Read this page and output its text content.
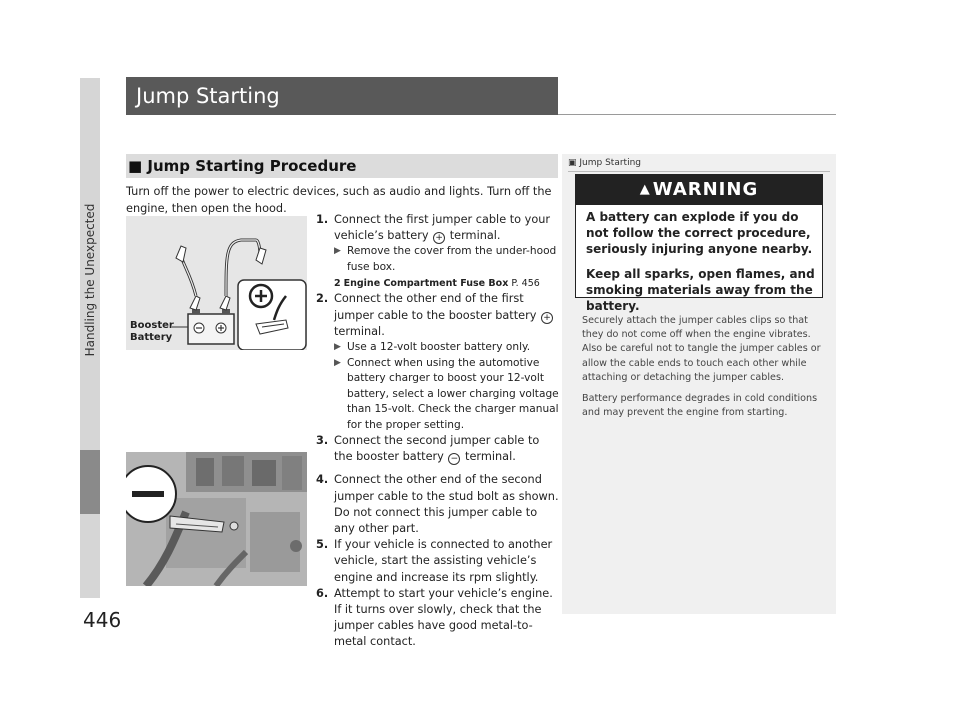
Handling the Unexpected
446
Jump Starting
■ Jump Starting Procedure
Turn off the power to electric devices, such as audio and lights. Turn off the engine, then open the hood.
Booster
Battery
1. Connect the first jumper cable to your vehicle’s battery + terminal.
▶ Remove the cover from the under-hood fuse box.
2 Engine Compartment Fuse Box P. 456
2. Connect the other end of the first jumper cable to the booster battery + terminal.
▶ Use a 12-volt booster battery only.
▶ Connect when using the automotive battery charger to boost your 12-volt battery, select a lower charging voltage than 15-volt. Check the charger manual for the proper setting.
3. Connect the second jumper cable to the booster battery − terminal.
4. Connect the other end of the second jumper cable to the stud bolt as shown. Do not connect this jumper cable to any other part.
5. If your vehicle is connected to another vehicle, start the assisting vehicle’s engine and increase its rpm slightly.
6. Attempt to start your vehicle’s engine. If it turns over slowly, check that the jumper cables have good metal-to-metal contact.
▣ Jump Starting
▲ WARNING

A battery can explode if you do not follow the correct procedure, seriously injuring anyone nearby.

Keep all sparks, open flames, and smoking materials away from the battery.

Securely attach the jumper cables clips so that they do not come off when the engine vibrates. Also be careful not to tangle the jumper cables or allow the cable ends to touch each other while attaching or detaching the jumper cables.
Battery performance degrades in cold conditions and may prevent the engine from starting.
